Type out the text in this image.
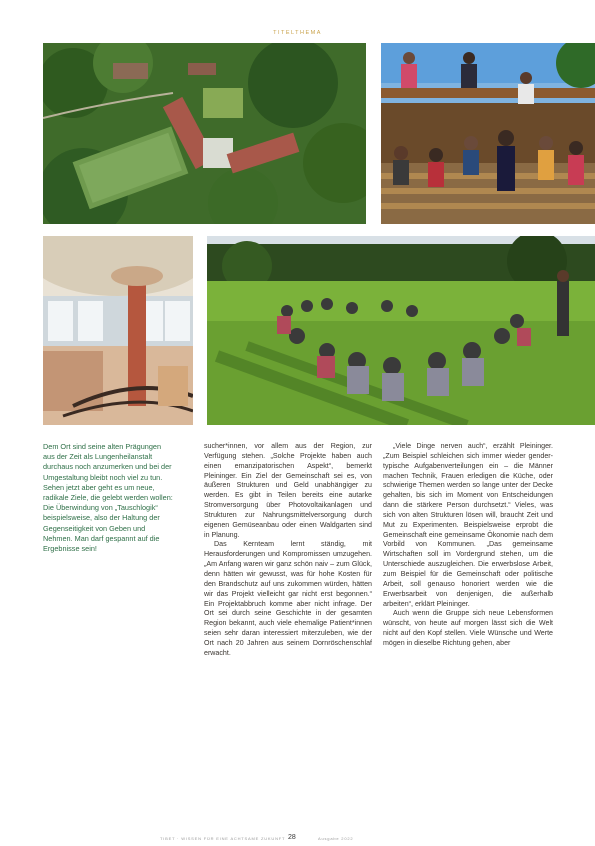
TITELTHEMA

Dem Ort sind seine alten Prägungen aus der Zeit als Lungenheilanstalt durchaus noch anzumerken und bei der Umgestaltung bleibt noch viel zu tun. Sehen jetzt aber geht es um neue, radikale Ziele, die gelebt werden wollen: Die Überwindung von „Tauschlogik“ beispielsweise, also der Haltung der Gegenseitigkeit von Geben und Nehmen. Man darf gespannt auf die Ergebnisse sein!

sucher*innen, vor allem aus der Region, zur Verfügung stehen. „Solche Projekte haben auch einen emanzipatorischen Aspekt“, bemerkt Pleininger. Ein Ziel der Gemeinschaft sei es, von äußeren Strukturen und Geld unabhängiger zu werden. Es gibt in Teilen bereits eine autarke Stromversorgung über Photovoltaikanlagen und Strukturen zur Nahrungsmittelversorgung durch eigenen Gemüseanbau oder einen Waldgarten sind in Planung.

Das Kernteam lernt ständig, mit Herausforderungen und Kompromissen umzugehen. „Am Anfang waren wir ganz schön naiv – zum Glück, denn hätten wir gewusst, was für hohe Kosten für den Brandschutz auf uns zukommen würden, hätten wir das Projekt vielleicht gar nicht erst begonnen.“ Ein Projektabbruch komme aber nicht infrage. Der Ort sei durch seine Geschichte in der gesamten Region bekannt, auch viele ehemalige Patient*innen seien sehr daran interessiert miterzuleben, wie der Ort nach 20 Jahren aus seinem Dornröschenschlaf erwacht.

„Viele Dinge nerven auch“, erzählt Pleininger. „Zum Beispiel schleichen sich immer wieder gender-typische Aufgabenverteilungen ein – die Männer machen Technik, Frauen erledigen die Küche, oder schwierige Themen werden so lange unter der Decke gehalten, bis sich im Moment von Entscheidungen dann die stärkere Person durchsetzt.“ Vieles, was sich von alten Strukturen lösen will, braucht Zeit und Mut zu Experimenten. Beispielsweise erprobt die Gemeinschaft eine gemeinsame Ökonomie nach dem Vorbild von Kommunen. „Das gemeinsame Wirtschaften soll im Vordergrund stehen, um die Unterschiede auszugleichen. Die erwerbslose Arbeit, zum Beispiel für die Gemeinschaft oder politische Arbeit, soll genauso honoriert werden wie die Erwerbsarbeit von denjenigen, die außerhalb arbeiten“, erklärt Pleininger.

Auch wenn die Gruppe sich neue Lebensformen wünscht, von heute auf morgen lässt sich die Welt nicht auf den Kopf stellen. Viele Wünsche und Werte mögen in dieselbe Richtung gehen, aber

TIBET · WISSEN FÜR EINE ACHTSAME ZUKUNFT 28	Ausgabe 2022
